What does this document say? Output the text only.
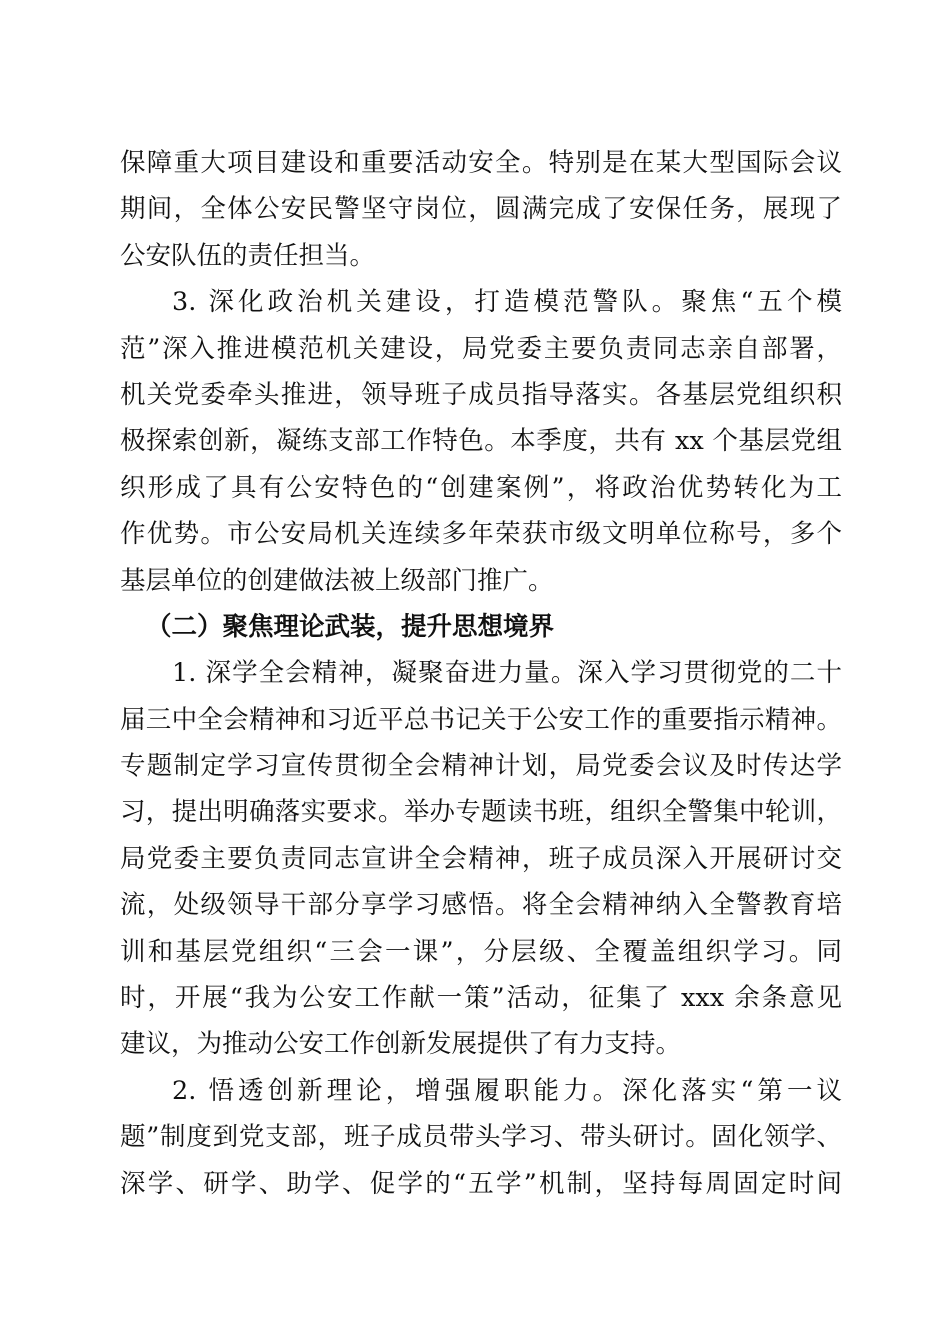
保障重大项目建设和重要活动安全。特别是在某大型国际会议
期间，全体公安民警坚守岗位，圆满完成了安保任务，展现了
公安队伍的责任担当。
3. 深化政治机关建设，打造模范警队。聚焦“五个模
范”深入推进模范机关建设，局党委主要负责同志亲自部署，
机关党委牵头推进，领导班子成员指导落实。各基层党组织积
极探索创新，凝练支部工作特色。本季度，共有 xx 个基层党组
织形成了具有公安特色的“创建案例”，将政治优势转化为工
作优势。市公安局机关连续多年荣获市级文明单位称号，多个
基层单位的创建做法被上级部门推广。
（二）聚焦理论武装，提升思想境界
1. 深学全会精神，凝聚奋进力量。深入学习贯彻党的二十
届三中全会精神和习近平总书记关于公安工作的重要指示精神。
专题制定学习宣传贯彻全会精神计划，局党委会议及时传达学
习，提出明确落实要求。举办专题读书班，组织全警集中轮训，
局党委主要负责同志宣讲全会精神，班子成员深入开展研讨交
流，处级领导干部分享学习感悟。将全会精神纳入全警教育培
训和基层党组织“三会一课”，分层级、全覆盖组织学习。同
时，开展“我为公安工作献一策”活动，征集了 xxx 余条意见
建议，为推动公安工作创新发展提供了有力支持。
2. 悟透创新理论，增强履职能力。深化落实“第一议
题”制度到党支部，班子成员带头学习、带头研讨。固化领学、
深学、研学、助学、促学的“五学”机制，坚持每周固定时间
